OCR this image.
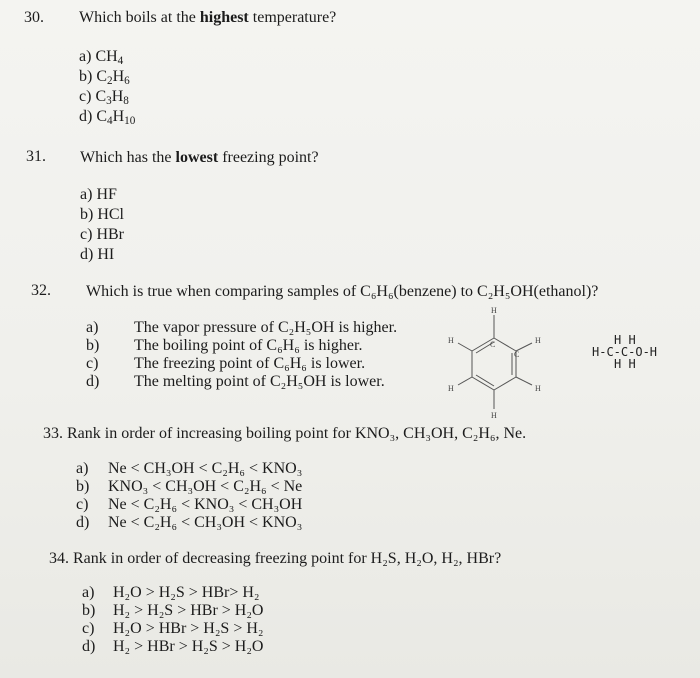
30. Which boils at the highest temperature?
a) $CH_4$
b) $C_2H_6$
c) $C_3H_8$
d) $C_4H_{10}$
31. Which has the lowest freezing point?
a) HF
b) HCl
c) HBr
d) HI
32. Which is true when comparing samples of C₆H₆(benzene) to C₂H₅OH(ethanol)?
a)
b)
c)
d)
The vapor pressure of C₂H₅OH is higher.
The boiling point of C₆H₆ is higher.
The freezing point of C₆H₆ is lower.
The melting point of C₂H₅OH is lower.
H
H	H
H	H
H
C
C
H H
H-C-C-O-H
H H
33. Rank in order of increasing boiling point for KNO₃, CH₃OH, C₂H₆, Ne.
a)
b)
c)
d)
Ne < CH₃OH < C₂H₆ < KNO₃
KNO₃ < CH₃OH < C₂H₆ < Ne
Ne < C₂H₆ < KNO₃ < CH₃OH
Ne < C₂H₆ < CH₃OH < KNO₃
34. Rank in order of decreasing freezing point for H₂S, H₂O, H₂, HBr?
a)
b)
c)
d)
H₂O > H₂S > HBr> H₂
H₂ > H₂S > HBr > H₂O
H₂O > HBr > H₂S > H₂
H₂ > HBr > H₂S > H₂O
